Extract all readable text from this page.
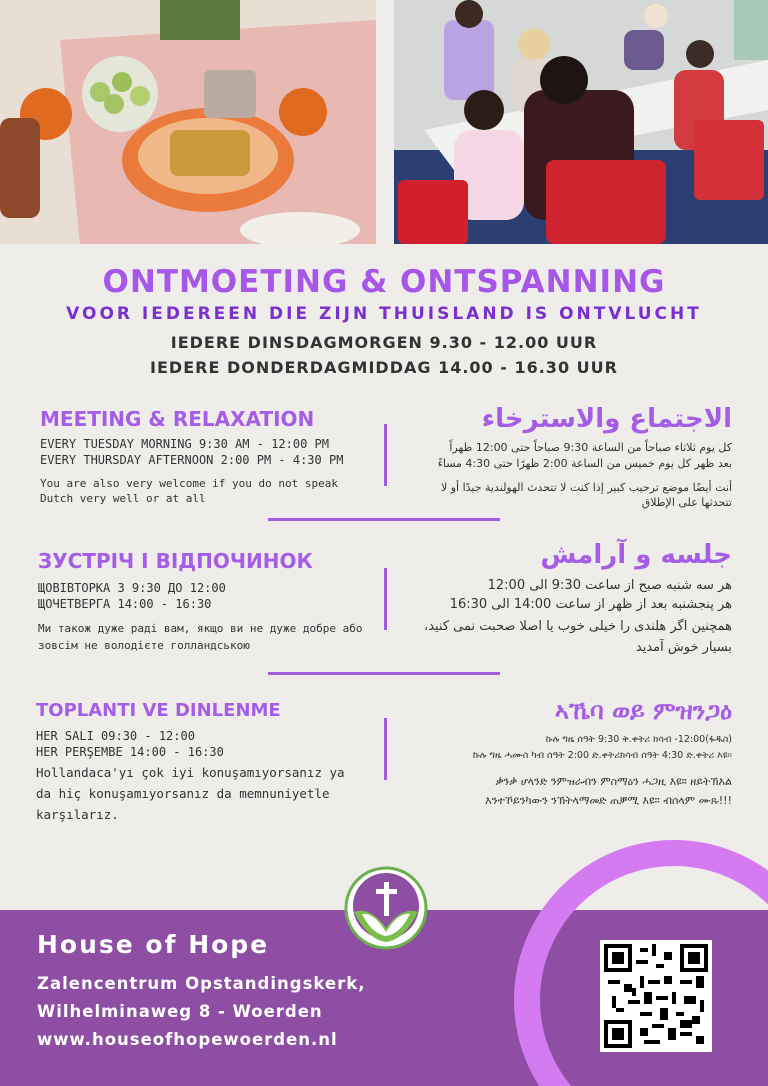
ONTMOETING & ONTSPANNING
VOOR IEDEREEN DIE ZIJN THUISLAND IS ONTVLUCHT
IEDERE DINSDAGMORGEN 9.30 - 12.00 UUR
IEDERE DONDERDAGMIDDAG 14.00 - 16.30 UUR
MEETING & RELAXATION
EVERY TUESDAY MORNING 9:30 AM - 12:00 PM
EVERY THURSDAY AFTERNOON 2:00 PM - 4:30 PM
You are also very welcome if you do not speak Dutch very well or at all
الاجتماع والاسترخاء
كل يوم ثلاثاء صباحاً من الساعة 9:30 صباحاً حتى 12:00 ظهراً
بعد ظهر كل يوم خميس من الساعة 2:00 ظهرًا حتى 4:30 مساءً
أنت أيضًا موضع ترحيب كبير إذا كنت لا تتحدث الهولندية جيدًا أو لا تتحدثها على الإطلاق
ЗУСТРІЧ І ВІДПОЧИНОК
ЩОВІВТОРКА З 9:30 ДО 12:00
ЩОЧЕТВЕРГА 14:00 - 16:30
Ми також дуже раді вам, якщо ви не дуже добре або зовсім не володієте голландською
جلسه و آرامش
هر سه شنبه صبح از ساعت 9:30 الی 12:00
هر پنجشنبه بعد از ظهر از ساعت 14:00 الی 16:30
همچنین اگر هلندی را خیلی خوب یا اصلا صحبت نمی کنید، بسیار خوش آمدید
TOPLANTI VE DINLENME
HER SALI 09:30 - 12:00
HER PERŞEMBE 14:00 - 16:30
Hollandaca'yı çok iyi konuşamıyorsanız ya da hiç konuşamıyorsanız da memnuniyetle karşılarız.
ኣኼባ ወይ ምዝንጋዕ
ኩሉ ግዜ ሰዓት 9:30 ቅ.ቀትሪ ክሳብ -12:00(ፋዱስ)
ኩሉ ግዜ ሓሙስ ካብ ሰዓት 2:00 ድ.ቀትሪክሳብ ሰዓት 4:30 ድ.ቀትሪ እዩ።
ቃንቃ ሆላንድ ንምዝራብን ምስማዕን ሓጋዚ እዩ። ዘይትኽእል እንተኾይንካውን ንኽትላማመድ ጠቓሚ እዩ። ብሰላም ሙጹ!!!
House of Hope
Zalencentrum Opstandingskerk,
Wilhelminaweg 8 - Woerden
www.houseofhopewoerden.nl
